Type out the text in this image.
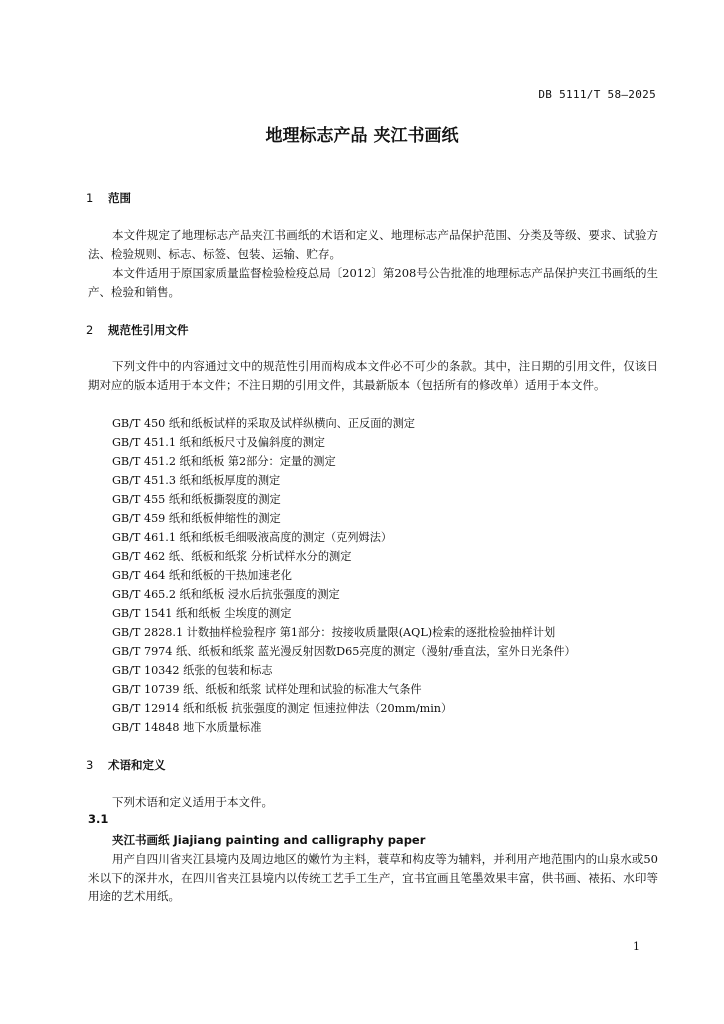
DB 5111/T 58—2025
地理标志产品 夹江书画纸
1 范围

本文件规定了地理标志产品夹江书画纸的术语和定义、地理标志产品保护范围、分类及等级、要求、试验方法、检验规则、标志、标签、包装、运输、贮存。

本文件适用于原国家质量监督检验检疫总局〔2012〕第208号公告批准的地理标志产品保护夹江书画纸的生产、检验和销售。

2 规范性引用文件

下列文件中的内容通过文中的规范性引用而构成本文件必不可少的条款。其中，注日期的引用文件，仅该日期对应的版本适用于本文件；不注日期的引用文件，其最新版本（包括所有的修改单）适用于本文件。

GB/T 450 纸和纸板试样的采取及试样纵横向、正反面的测定
GB/T 451.1 纸和纸板尺寸及偏斜度的测定
GB/T 451.2 纸和纸板 第2部分：定量的测定
GB/T 451.3 纸和纸板厚度的测定
GB/T 455 纸和纸板撕裂度的测定
GB/T 459 纸和纸板伸缩性的测定
GB/T 461.1 纸和纸板毛细吸液高度的测定（克列姆法）
GB/T 462 纸、纸板和纸浆 分析试样水分的测定
GB/T 464 纸和纸板的干热加速老化
GB/T 465.2 纸和纸板 浸水后抗张强度的测定
GB/T 1541 纸和纸板 尘埃度的测定
GB/T 2828.1 计数抽样检验程序 第1部分：按接收质量限(AQL)检索的逐批检验抽样计划
GB/T 7974 纸、纸板和纸浆 蓝光漫反射因数D65亮度的测定（漫射/垂直法，室外日光条件）
GB/T 10342 纸张的包装和标志
GB/T 10739 纸、纸板和纸浆 试样处理和试验的标准大气条件
GB/T 12914 纸和纸板 抗张强度的测定 恒速拉伸法（20mm/min）
GB/T 14848 地下水质量标准
3 术语和定义

下列术语和定义适用于本文件。

3.1
夹江书画纸 Jiajiang painting and calligraphy paper

用产自四川省夹江县境内及周边地区的嫩竹为主料，蓑草和构皮等为辅料，并利用产地范围内的山泉水或50米以下的深井水，在四川省夹江县境内以传统工艺手工生产，宜书宜画且笔墨效果丰富，供书画、裱拓、水印等用途的艺术用纸。

1
